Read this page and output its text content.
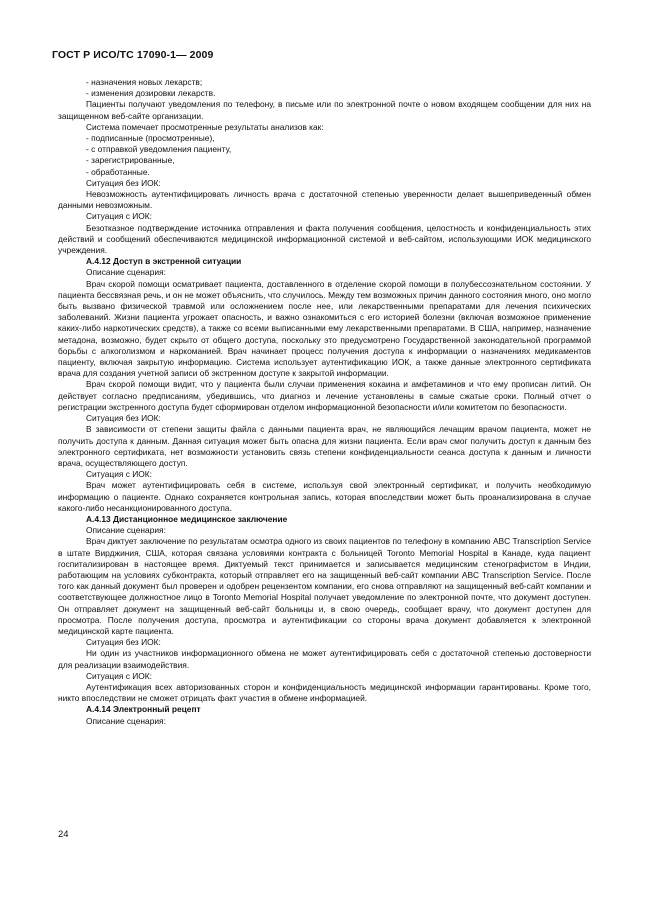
ГОСТ Р ИСО/ТС 17090-1— 2009

- назначения новых лекарств;

- изменения дозировки лекарств.

Пациенты получают уведомления по телефону, в письме или по электронной почте о новом входящем сообщении для них на защищенном веб-сайте организации.

Система помечает просмотренные результаты анализов как:

- подписанные (просмотренные),

- с отправкой уведомления пациенту,

- зарегистрированные,

- обработанные.

Ситуация без ИОК:

Невозможность аутентифицировать личность врача с достаточной степенью уверенности делает вышеприведенный обмен данными невозможным.

Ситуация с ИОК:

Безотказное подтверждение источника отправления и факта получения сообщения, целостность и конфиденциальность этих действий и сообщений обеспечиваются медицинской информационной системой и веб-сайтом, использующими ИОК медицинского учреждения.

А.4.12 Доступ в экстренной ситуации

Описание сценария:

Врач скорой помощи осматривает пациента, доставленного в отделение скорой помощи в полубессознательном состоянии. У пациента бессвязная речь, и он не может объяснить, что случилось. Между тем возможных причин данного состояния много, оно могло быть вызвано физической травмой или осложнением после нее, или лекарственными препаратами для лечения психических заболеваний. Жизни пациента угрожает опасность, и важно ознакомиться с его историей болезни (включая возможное применение каких-либо наркотических средств), а также со всеми выписанными ему лекарственными препаратами. В США, например, назначение метадона, возможно, будет скрыто от общего доступа, поскольку это предусмотрено Государственной законодательной программой борьбы с алкоголизмом и наркоманией. Врач начинает процесс получения доступа к информации о назначениях медикаментов пациенту, включая закрытую информацию. Система использует аутентификацию ИОК, а также данные электронного сертификата врача для создания учетной записи об экстренном доступе к закрытой информации.

Врач скорой помощи видит, что у пациента были случаи применения кокаина и амфетаминов и что ему прописан литий. Он действует согласно предписаниям, убедившись, что диагноз и лечение установлены в самые сжатые сроки. Полный отчет о регистрации экстренного доступа будет сформирован отделом информационной безопасности и/или комитетом по безопасности.

Ситуация без ИОК:

В зависимости от степени защиты файла с данными пациента врач, не являющийся лечащим врачом пациента, может не получить доступа к данным. Данная ситуация может быть опасна для жизни пациента. Если врач смог получить доступ к данным без электронного сертификата, нет возможности установить связь степени конфиденциальности сеанса доступа к данным и личности врача, осуществляющего доступ.

Ситуация с ИОК:

Врач может аутентифицировать себя в системе, используя свой электронный сертификат, и получить необходимую информацию о пациенте. Однако сохраняется контрольная запись, которая впоследствии может быть проанализирована в случае какого-либо несанкционированного доступа.

А.4.13 Дистанционное медицинское заключение

Описание сценария:

Врач диктует заключение по результатам осмотра одного из своих пациентов по телефону в компанию ABC Transcription Service в штате Вирджиния, США, которая связана условиями контракта с больницей Toronto Memorial Hospital в Канаде, куда пациент госпитализирован в настоящее время. Диктуемый текст принимается и записывается медицинским стенографистом в Индии, работающим на условиях субконтракта, который отправляет его на защищенный веб-сайт компании ABC Transcription Service. После того как данный документ был проверен и одобрен рецензентом компании, его снова отправляют на защищенный веб-сайт компании и соответствующее должностное лицо в Toronto Memorial Hospital получает уведомление по электронной почте, что документ доступен. Он отправляет документ на защищенный веб-сайт больницы и, в свою очередь, сообщает врачу, что документ доступен для просмотра. После получения доступа, просмотра и аутентификации со стороны врача документ добавляется к электронной медицинской карте пациента.

Ситуация без ИОК:

Ни один из участников информационного обмена не может аутентифицировать себя с достаточной степенью достоверности для реализации взаимодействия.

Ситуация с ИОК:

Аутентификация всех авторизованных сторон и конфиденциальность медицинской информации гарантированы. Кроме того, никто впоследствии не сможет отрицать факт участия в обмене информацией.

А.4.14 Электронный рецепт

Описание сценария:

24
